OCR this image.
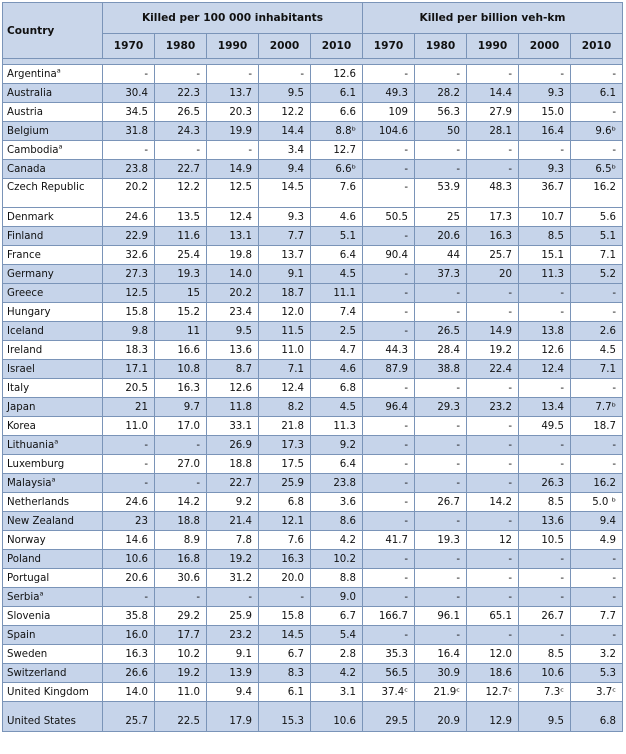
Country	Killed per 100 000 inhabitants					Killed per billion veh-km				
	1970	1980	1990	2000	2010	1970	1980	1990	2000	2010

Argentina$^a$	-	-	-	-	12.6	-	-	-	-	-
Australia	30.4	22.3	13.7	9.5	6.1	49.3	28.2	14.4	9.3	6.1
Austria	34.5	26.5	20.3	12.2	6.6	109	56.3	27.9	15.0	-
Belgium	31.8	24.3	19.9	14.4	8.8ᵇ	104.6	50	28.1	16.4	9.6ᵇ
Cambodia$^a$	-	-	-	3.4	12.7	-	-	-	-	-
Canada	23.8	22.7	14.9	9.4	6.6ᵇ	-	-	-	9.3	6.5ᵇ
Czech Republic	20.2	12.2	12.5	14.5	7.6	-	53.9	48.3	36.7	16.2
Denmark	24.6	13.5	12.4	9.3	4.6	50.5	25	17.3	10.7	5.6
Finland	22.9	11.6	13.1	7.7	5.1	-	20.6	16.3	8.5	5.1
France	32.6	25.4	19.8	13.7	6.4	90.4	44	25.7	15.1	7.1
Germany	27.3	19.3	14.0	9.1	4.5	-	37.3	20	11.3	5.2
Greece	12.5	15	20.2	18.7	11.1	-	-	-	-	-
Hungary	15.8	15.2	23.4	12.0	7.4	-	-	-	-	-
Iceland	9.8	11	9.5	11.5	2.5	-	26.5	14.9	13.8	2.6
Ireland	18.3	16.6	13.6	11.0	4.7	44.3	28.4	19.2	12.6	4.5
Israel	17.1	10.8	8.7	7.1	4.6	87.9	38.8	22.4	12.4	7.1
Italy	20.5	16.3	12.6	12.4	6.8	-	-	-	-	-
Japan	21	9.7	11.8	8.2	4.5	96.4	29.3	23.2	13.4	7.7ᵇ
Korea	11.0	17.0	33.1	21.8	11.3	-	-	-	49.5	18.7
Lithuania$^a$	-	-	26.9	17.3	9.2	-	-	-	-	-
Luxemburg	-	27.0	18.8	17.5	6.4	-	-	-	-	-
Malaysia$^a$	-	-	22.7	25.9	23.8	-	-	-	26.3	16.2
Netherlands	24.6	14.2	9.2	6.8	3.6	-	26.7	14.2	8.5	5.0 ᵇ
New Zealand	23	18.8	21.4	12.1	8.6	-	-	-	13.6	9.4
Norway	14.6	8.9	7.8	7.6	4.2	41.7	19.3	12	10.5	4.9
Poland	10.6	16.8	19.2	16.3	10.2	-	-	-	-	-
Portugal	20.6	30.6	31.2	20.0	8.8	-	-	-	-	-
Serbia$^a$	-	-	-	-	9.0	-	-	-	-	-
Slovenia	35.8	29.2	25.9	15.8	6.7	166.7	96.1	65.1	26.7	7.7
Spain	16.0	17.7	23.2	14.5	5.4	-	-	-	-	-
Sweden	16.3	10.2	9.1	6.7	2.8	35.3	16.4	12.0	8.5	3.2
Switzerland	26.6	19.2	13.9	8.3	4.2	56.5	30.9	18.6	10.6	5.3
United Kingdom	14.0	11.0	9.4	6.1	3.1	37.4ᶜ	21.9ᶜ	12.7ᶜ	7.3ᶜ	3.7ᶜ
United States	25.7	22.5	17.9	15.3	10.6	29.5	20.9	12.9	9.5	6.8
